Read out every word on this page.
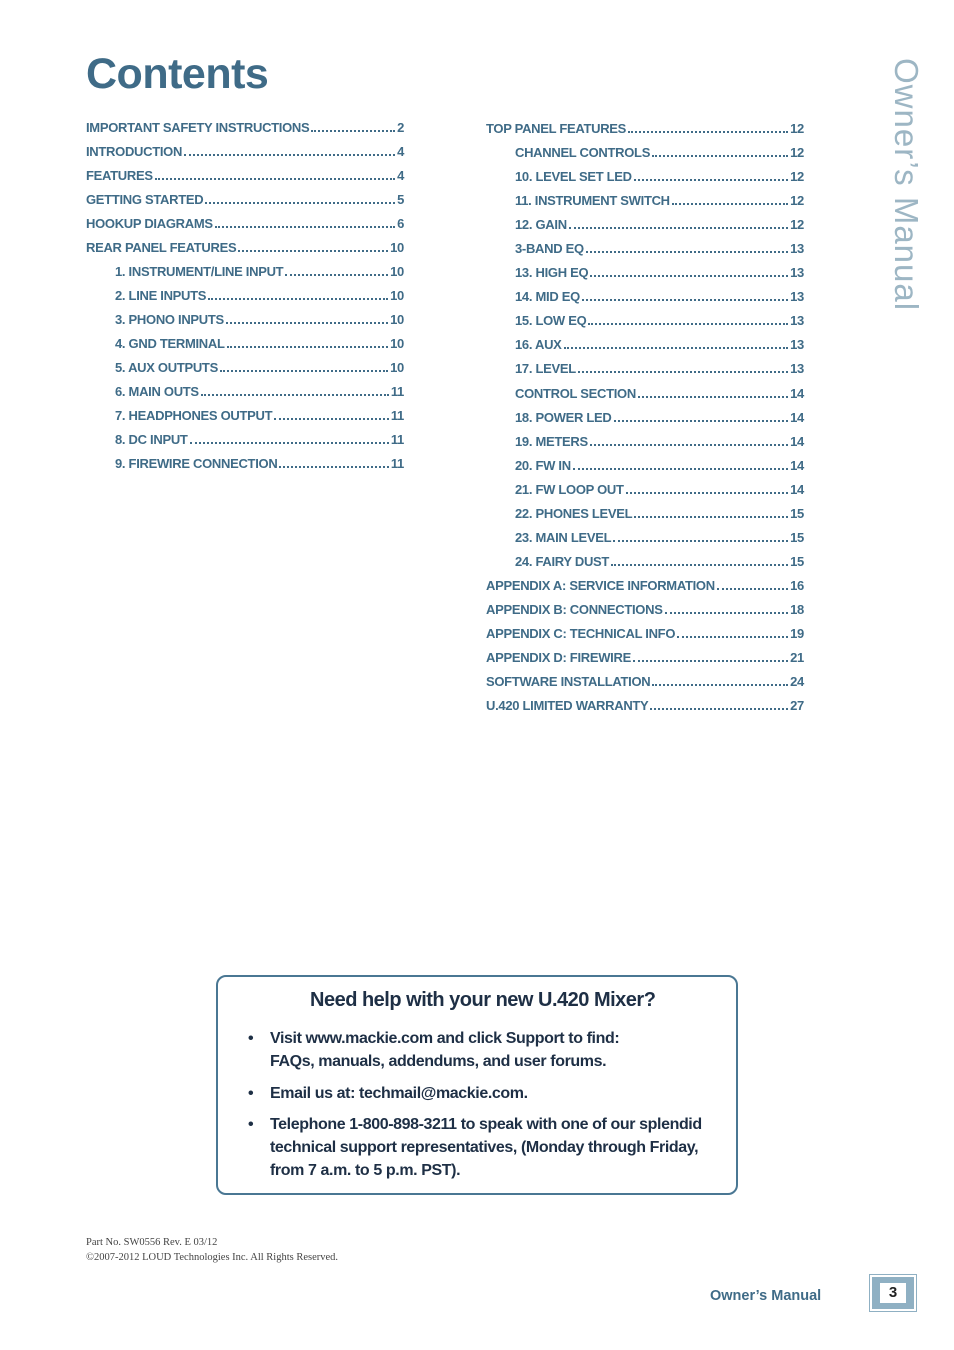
Contents	Owner’s Manual
IMPORTANT SAFETY INSTRUCTIONS	2
INTRODUCTION	4
FEATURES	4
GETTING STARTED	5
HOOKUP DIAGRAMS	6
REAR PANEL FEATURES	10
1. INSTRUMENT/LINE INPUT	10
2. LINE INPUTS	10
3. PHONO INPUTS	10
4. GND TERMINAL	10
5. AUX OUTPUTS	10
6. MAIN OUTS	11
7. HEADPHONES OUTPUT	11
8. DC INPUT	11
9. FIREWIRE CONNECTION	11
TOP PANEL FEATURES	12
CHANNEL CONTROLS	12
10. LEVEL SET LED	12
11. INSTRUMENT SWITCH	12
12. GAIN	12
3-BAND EQ	13
13. HIGH EQ	13
14. MID EQ	13
15. LOW EQ	13
16. AUX	13
17. LEVEL	13
CONTROL SECTION	14
18. POWER LED	14
19. METERS	14
20. FW IN	14
21. FW LOOP OUT	14
22. PHONES LEVEL	15
23. MAIN LEVEL	15
24. FAIRY DUST	15
APPENDIX A: SERVICE INFORMATION	16
APPENDIX B: CONNECTIONS	18
APPENDIX C: TECHNICAL INFO	19
APPENDIX D: FIREWIRE	21
SOFTWARE INSTALLATION	24
U.420 LIMITED WARRANTY	27
Need help with your new U.420 Mixer?
• Visit www.mackie.com and click Support to find:
FAQs, manuals, addendums, and user forums.
• Email us at: techmail@mackie.com.
• Telephone 1-800-898-3211 to speak with one of our splendid
technical support representatives, (Monday through Friday,
from 7 a.m. to 5 p.m. PST).
Part No. SW0556 Rev. E 03/12
©2007-2012 LOUD Technologies Inc. All Rights Reserved.
Owner’s Manual	3
